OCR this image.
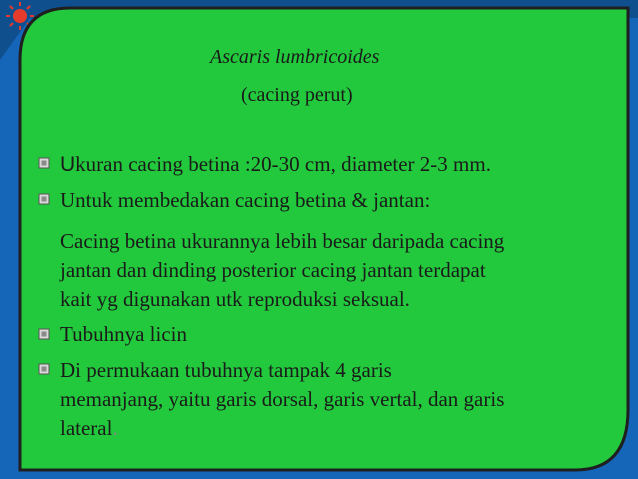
Ascaris lumbricoides
(cacing perut)
Ukuran cacing betina :20-30 cm, diameter 2-3 mm.
Untuk membedakan cacing betina & jantan:
Cacing betina ukurannya lebih besar daripada cacing
jantan dan dinding posterior cacing jantan terdapat
kait yg digunakan utk reproduksi seksual.
Tubuhnya licin
Di permukaan tubuhnya tampak 4 garis
memanjang, yaitu garis dorsal, garis vertal, dan garis
lateral.
